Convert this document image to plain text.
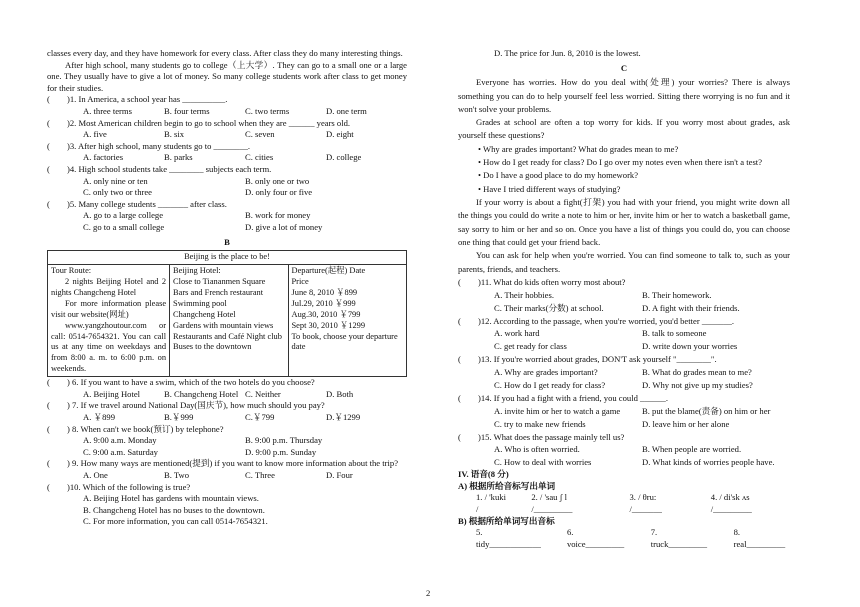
classes every day, and they have homework for every class. After class they do many interesting things.

After high school, many students go to college（上大学）. They can go to a small one or a large one. They usually have to give a lot of money. So many college students work after class to get money for their studies.

(	)1. In America, a school year has __________.
A. three terms	B. four terms	C. two terms	D. one term
(	)2. Most American children begin to go to school when they are ______ years old.
A. five	B. six	C. seven	D. eight
(	)3. After high school, many students go to ________.
A. factories	B. parks	C. cities	D. college
(	)4. High school students take ________ subjects each term.
A. only nine or ten	B. only one or two
C. only two or three	D. only four or five
(	)5. Many college students _______ after class.
A. go to a large college	B. work for money
C. go to a small college	D. give a lot of money
B
Beijing is the place to be!

Tour Route:
2 nights Beijing Hotel and 2 nights Changcheng Hotel
For more information please visit our website(网址)
www.yangzhoutour.com or call: 0514-7654321. You can call us at any time on weekdays and from 8:00 a. m. to 6:00 p.m. on weekends.

Beijing Hotel:
Close to Tiananmen Square
Bars and French restaurant
Swimming pool
Changcheng Hotel
Gardens with mountain views
Restaurants and Café Night club
Buses to the downtown

Departure(起程) Date
Price
June 8, 2010 ￥899
Jul.29, 2010 ￥999
Aug.30, 2010 ￥799
Sept 30, 2010 ￥1299
To book, choose your departure date
(	) 6. If you want to have a swim, which of the two hotels do you choose?
A. Beijing Hotel	B. Changcheng Hotel C. Neither	D. Both
(	) 7. If we travel around National Day(国庆节), how much should you pay?
A. ￥899	B.￥999	C.￥799	D.￥1299
(	) 8. When can't we book(预订) by telephone?
A. 9:00 a.m. Monday	B. 9:00 p.m. Thursday
C. 9:00 a.m. Saturday	D. 9:00 p.m. Sunday
(	) 9. How many ways are mentioned(提到) if you want to know more information about the trip?
A. One	B. Two	C. Three	D. Four
(	)10. Which of the following is true?
A. Beijing Hotel has gardens with mountain views.
B. Changcheng Hotel has no buses to the downtown.
C. For more information, you can call 0514-7654321.

D. The price for Jun. 8, 2010 is the lowest.

C

Everyone has worries. How do you deal with(处理) your worries? There is always something you can do to help yourself feel less worried. Sitting there worrying is no fun and it won't solve your problems.

Grades at school are often a top worry for kids. If you worry most about grades, ask yourself these questions?

• Why are grades important? What do grades mean to me?

• How do I get ready for class? Do I go over my notes even when there isn't a test?

• Do I have a good place to do my homework?

• Have I tried different ways of studying?

If your worry is about a fight(打架) you had with your friend, you might write down all the things you could do write a note to him or her, invite him or her to watch a basketball game, say sorry to him or her and so on. Once you have a list of things you could do, you can choose one thing that could get your friend back.

You can ask for help when you're worried. You can find someone to talk to, such as your parents, friends, and teachers.

(	)11. What do kids often worry most about?
A. Their hobbies.	B. Their homework.
C. Their marks(分数) at school.	D. A fight with their friends.
(	)12. According to the passage, when you're worried, you'd better _______.
A. work hard	B. talk to someone
C. get ready for class	D. write down your worries
(	)13. If you're worried about grades, DON'T ask yourself "________".
A. Why are grades important?	B. What do grades mean to me?
C. How do I get ready for class?	D. Why not give up my studies?
(	)14. If you had a fight with a friend, you could ______.
A. invite him or her to watch a game	B. put the blame(责备) on him or her
C. try to make new friends	D. leave him or her alone
(	)15. What does the passage mainly tell us?
A. Who is often worried.	B. When people are worried.
C. How to deal with worries	D. What kinds of worries people have.

IV. 语音(8 分)

A) 根据所给音标写出单词

1. / 'kuki /
2. / 'sau ʃ l /_________
3. / θru: /_______
4. / di'sk ʌs /_________

B) 根据所给单词写出音标

5. tidy____________
6. voice_________
7. truck_________
8. real_________
2
